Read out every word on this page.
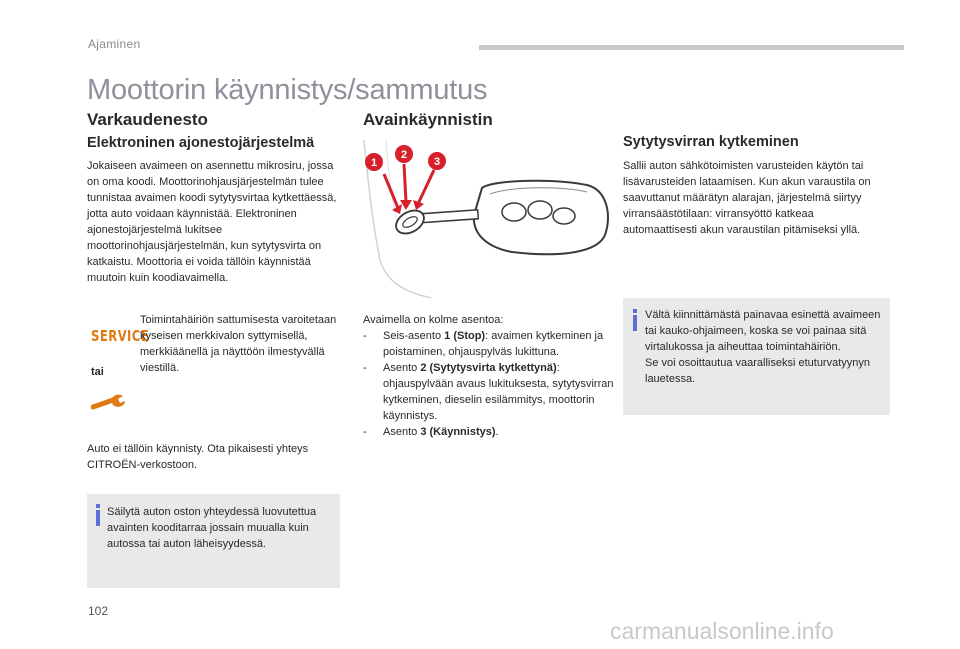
Ajaminen
Moottorin käynnistys/sammutus
Varkaudenesto
Elektroninen ajonestojärjestelmä
Jokaiseen avaimeen on asennettu mikrosiru, jossa on oma koodi. Moottorinohjausjärjestelmän tulee tunnistaa avaimen koodi sytytysvirtaa kytkettäessä, jotta auto voidaan käynnistää. Elektroninen ajonestojärjestelmä lukitsee moottorinohjausjärjestelmän, kun sytytysvirta on katkaistu. Moottoria ei voida tällöin käynnistää muutoin kuin koodiavaimella.
SERVICE
tai
Toimintahäiriön sattumisesta varoitetaan kyseisen merkkivalon syttymisellä, merkkiäänellä ja näyttöön ilmestyvällä viestillä.
Auto ei tällöin käynnisty. Ota pikaisesti yhteys CITROËN-verkostoon.
Säilytä auton oston yhteydessä luovutettua avainten kooditarraa jossain muualla kuin autossa tai auton läheisyydessä.
Avainkäynnistin
1
2
3
Avaimella on kolme asentoa:
- Seis-asento 1 (Stop): avaimen kytkeminen ja poistaminen, ohjauspylväs lukittuna.
- Asento 2 (Sytytysvirta kytkettynä): ohjauspylvään avaus lukituksesta, sytytysvirran kytkeminen, dieselin esilämmitys, moottorin käynnistys.
- Asento 3 (Käynnistys).
Sytytysvirran kytkeminen
Sallii auton sähkötoimisten varusteiden käytön tai lisävarusteiden lataamisen. Kun akun varaustila on saavuttanut määrätyn alarajan, järjestelmä siirtyy virransäästötilaan: virransyöttö katkeaa automaattisesti akun varaustilan pitämiseksi yllä.
Vältä kiinnittämästä painavaa esinettä avaimeen tai kauko-ohjaimeen, koska se voi painaa sitä virtalukossa ja aiheuttaa toimintahäiriön.
Se voi osoittautua vaaralliseksi etuturvatyynyn lauetessa.
102
carmanualsonline.info
